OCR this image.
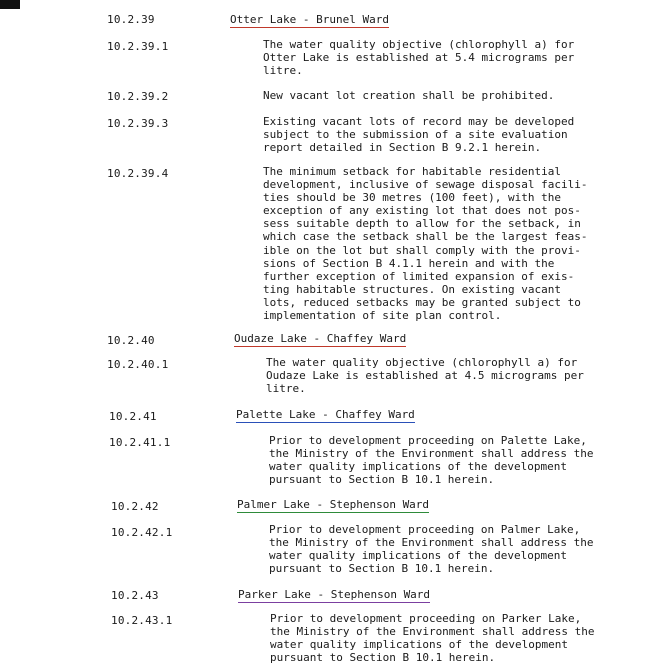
10.2.39	Otter Lake - Brunel Ward
10.2.39.1	The water quality objective (chlorophyll a) for
Otter Lake is established at 5.4 micrograms per
litre.
10.2.39.2	New vacant lot creation shall be prohibited.
10.2.39.3	Existing vacant lots of record may be developed
subject to the submission of a site evaluation
report detailed in Section B 9.2.1 herein.
10.2.39.4	The minimum setback for habitable residential
development, inclusive of sewage disposal facili-
ties should be 30 metres (100 feet), with the
exception of any existing lot that does not pos-
sess suitable depth to allow for the setback, in
which case the setback shall be the largest feas-
ible on the lot but shall comply with the provi-
sions of Section B 4.1.1 herein and with the
further exception of limited expansion of exis-
ting habitable structures. On existing vacant
lots, reduced setbacks may be granted subject to
implementation of site plan control.
10.2.40	Oudaze Lake - Chaffey Ward
10.2.40.1	The water quality objective (chlorophyll a) for
Oudaze Lake is established at 4.5 micrograms per
litre.
10.2.41	Palette Lake - Chaffey Ward
10.2.41.1	Prior to development proceeding on Palette Lake,
the Ministry of the Environment shall address the
water quality implications of the development
pursuant to Section B 10.1 herein.
10.2.42	Palmer Lake - Stephenson Ward
10.2.42.1	Prior to development proceeding on Palmer Lake,
the Ministry of the Environment shall address the
water quality implications of the development
pursuant to Section B 10.1 herein.
10.2.43	Parker Lake - Stephenson Ward
10.2.43.1	Prior to development proceeding on Parker Lake,
the Ministry of the Environment shall address the
water quality implications of the development
pursuant to Section B 10.1 herein.
